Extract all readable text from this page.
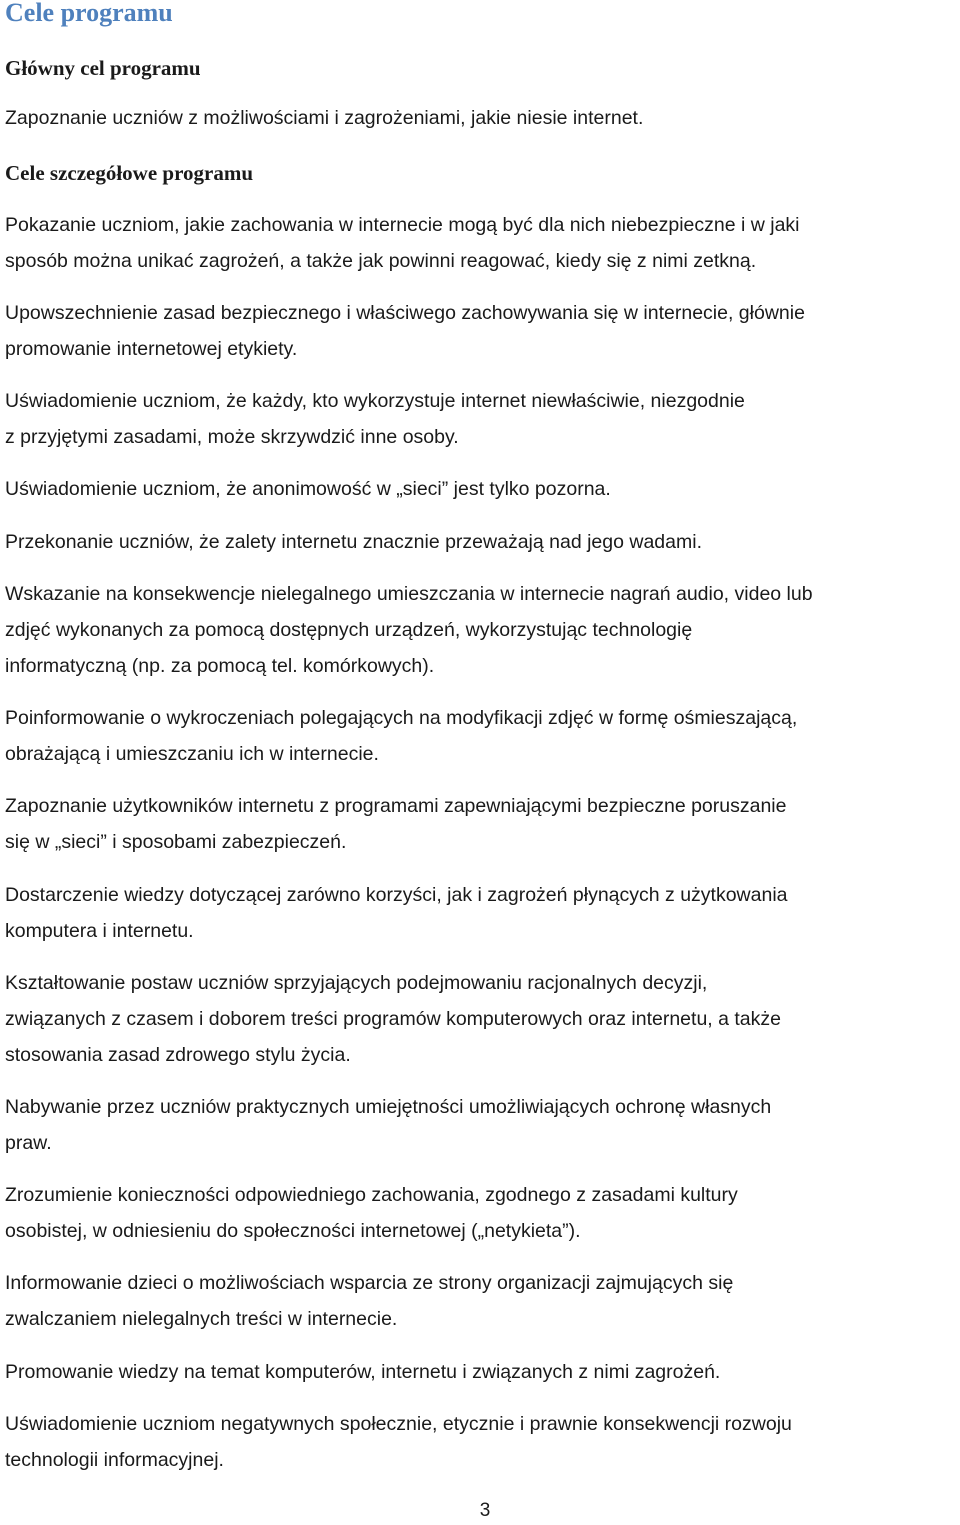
Cele programu
Główny cel programu

Zapoznanie uczniów z możliwościami i zagrożeniami, jakie niesie internet.

Cele szczegółowe programu

Pokazanie uczniom, jakie zachowania w internecie mogą być dla nich niebezpieczne i w jaki
sposób można unikać zagrożeń, a także jak powinni reagować, kiedy się z nimi zetkną.

Upowszechnienie zasad bezpiecznego i właściwego zachowywania się w internecie, głównie
promowanie internetowej etykiety.

Uświadomienie uczniom, że każdy, kto wykorzystuje internet niewłaściwie, niezgodnie
z przyjętymi zasadami, może skrzywdzić inne osoby.

Uświadomienie uczniom, że anonimowość w „sieci” jest tylko pozorna.

Przekonanie uczniów, że zalety internetu znacznie przeważają nad jego wadami.

Wskazanie na konsekwencje nielegalnego umieszczania w internecie nagrań audio, video lub
zdjęć wykonanych za pomocą dostępnych urządzeń, wykorzystując technologię
informatyczną (np. za pomocą tel. komórkowych).

Poinformowanie o wykroczeniach polegających na modyfikacji zdjęć w formę ośmieszającą,
obrażającą i umieszczaniu ich w internecie.

Zapoznanie użytkowników internetu z programami zapewniającymi bezpieczne poruszanie
się w „sieci” i sposobami zabezpieczeń.

Dostarczenie wiedzy dotyczącej zarówno korzyści, jak i zagrożeń płynących z użytkowania
komputera i internetu.

Kształtowanie postaw uczniów sprzyjających podejmowaniu racjonalnych decyzji,
związanych z czasem i doborem treści programów komputerowych oraz internetu, a także
stosowania zasad zdrowego stylu życia.

Nabywanie przez uczniów praktycznych umiejętności umożliwiających ochronę własnych
praw.

Zrozumienie konieczności odpowiedniego zachowania, zgodnego z zasadami kultury
osobistej, w odniesieniu do społeczności internetowej („netykieta”).

Informowanie dzieci o możliwościach wsparcia ze strony organizacji zajmujących się
zwalczaniem nielegalnych treści w internecie.

Promowanie wiedzy na temat komputerów, internetu i związanych z nimi zagrożeń.

Uświadomienie uczniom negatywnych społecznie, etycznie i prawnie konsekwencji rozwoju
technologii informacyjnej.

3
